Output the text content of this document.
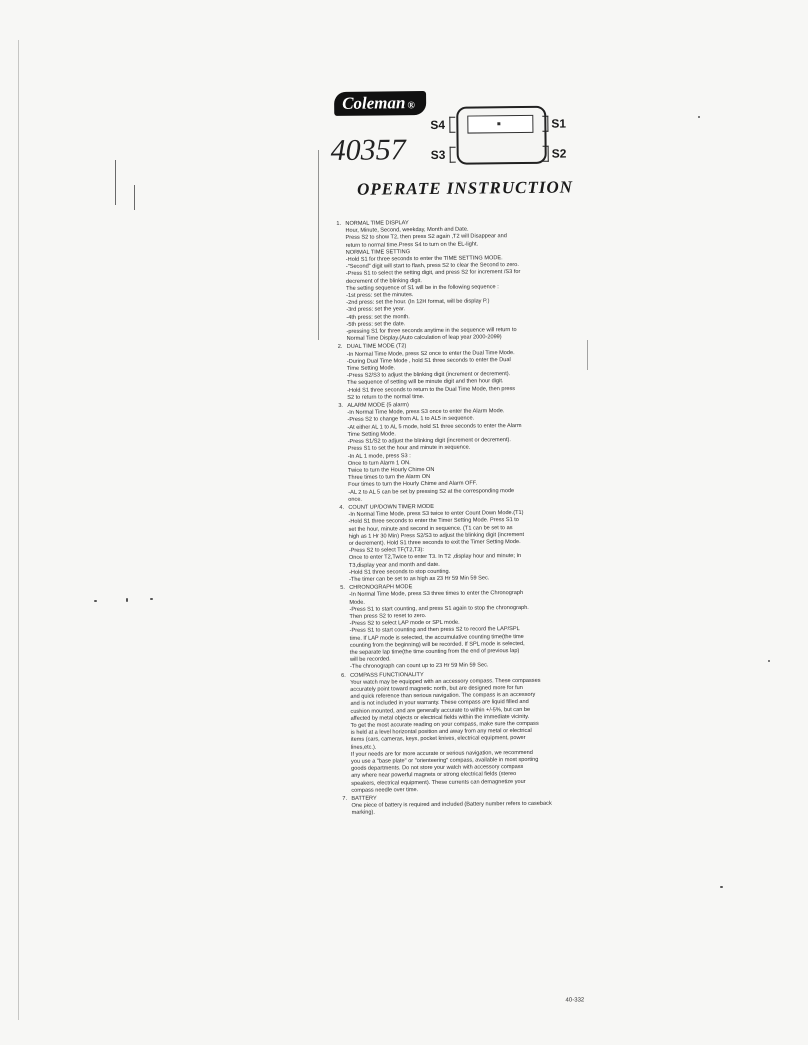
Coleman ®
S4
S3
S1
S2
40357
OPERATE INSTRUCTION
1. NORMAL TIME DISPLAY
Hour, Minute, Second, weekday, Month and Date.
Press S2 to show T2, then press S2 again ,T2 will Disappear and
return to normal time.Press S4 to turn on the EL-light.
NORMAL TIME SETTING
-Hold S1 for three seconds to enter the TIME SETTING MODE.
-"Second" digit will start to flash, press S2 to clear the Second to zero.
-Press S1 to select the setting digit, and press S2 for increment /S3 for
decrement of the blinking digit.
The setting sequence of S1 will be in the following sequence :
-1st press: set the minutes.
-2nd press: set the hour. (In 12H format, will be display P.)
-3rd press: set the year.
-4th press: set the month.
-5th press: set the date.
-pressing S1 for three seconds anytime in the sequence will return to
Normal Time Display.(Auto calculation of leap year 2000-2099)
2. DUAL TIME MODE (T2)
-In Normal Time Mode, press S2 once to enter the Dual Time Mode.
-During Dual Time Mode , hold S1 three seconds to enter the Dual
Time Setting Mode.
-Press S2/S3 to adjust the blinking digit (increment or decrement).
The sequence of setting will be minute digit and then hour digit.
-Hold S1 three seconds to return to the Dual Time Mode, then press
S2 to return to the normal time.
3. ALARM MODE (5 alarm)
-In Normal Time Mode, press S3 once to enter the Alarm Mode.
-Press S2 to change from AL 1 to AL5 in sequence.
-At either AL 1 to AL 5 mode, hold S1 three seconds to enter the Alarm
Time Setting Mode.
-Press S1/S2 to adjust the blinking digit (increment or decrement).
Press S1 to set the hour and minute in sequence.
-In AL 1 mode, press S3 :
Once to turn Alarm 1 ON.
Twice to turn the Hourly Chime ON
Three times to turn the Alarm ON
Four times to turn the Hourly Chime and Alarm OFF.
-AL 2 to AL 5 can be set by pressing S2 at the corresponding mode
once.
4. COUNT UP/DOWN TIMER MODE
-In Normal Time Mode, press S3 twice to enter Count Down Mode.(T1)
-Hold S1 three seconds to enter the Timer Setting Mode. Press S1 to
set the hour, minute and second in sequence. (T1 can be set to as
high as 1 Hr 30 Min) Press S2/S3 to adjust the blinking digit (increment
or decrement). Hold S1 three seconds to exit the Timer Setting Mode.
-Press S2 to select TF(T2,T3):
Once to enter T2,Twice to enter T3. In T2 ,display hour and minute; In
T3,display year and month and date.
-Hold S1 three seconds to stop counting.
-The timer can be set to as high as 23 Hr 59 Min 59 Sec.
5. CHRONOGRAPH MODE
-In Normal Time Mode, press S3 three times to enter the Chronograph
Mode.
-Press S1 to start counting, and press S1 again to stop the chronograph.
Then press S2 to reset to zero.
-Press S2 to select LAP mode or SPL mode.
-Press S1 to start counting and then press S2 to record the LAP/SPL
time. If LAP mode is selected, the accumulative counting time(the time
counting from the beginning) will be recorded. If SPL mode is selected,
the separate lap time(the time counting from the end of previous lap)
will be recorded.
-The chronograph can count up to 23 Hr 59 Min 59 Sec.
6. COMPASS FUNCTIONALITY
Your watch may be equipped with an accessory compass. These compasses
accurately point toward magnetic north, but are designed more for fun
and quick reference than serious navigation. The compass is an accessory
and is not included in your warranty. These compass are liquid filled and
cushion mounted, and are generally accurate to within +/-5%, but can be
affected by metal objects or electrical fields within the immediate vicinity.
To get the most accurate reading on your compass, make sure the compass
is held at a level horizontal position and away from any metal or electrical
items (cars, cameras, keys, pocket knives, electrical equipment, power
lines,etc.).
If your needs are for more accurate or serious navigation, we recommend
you use a "base plate" or "orienteering" compass, available in most sporting
goods departments. Do not store your watch with accessory compass
any where near powerful magnets or strong electrical fields (stereo
speakers, electrical equipment). These currents can demagnetize your
compass needle over time.
7. BATTERY
One piece of battery is required and included (Battery number refers to caseback
marking).
40-332
